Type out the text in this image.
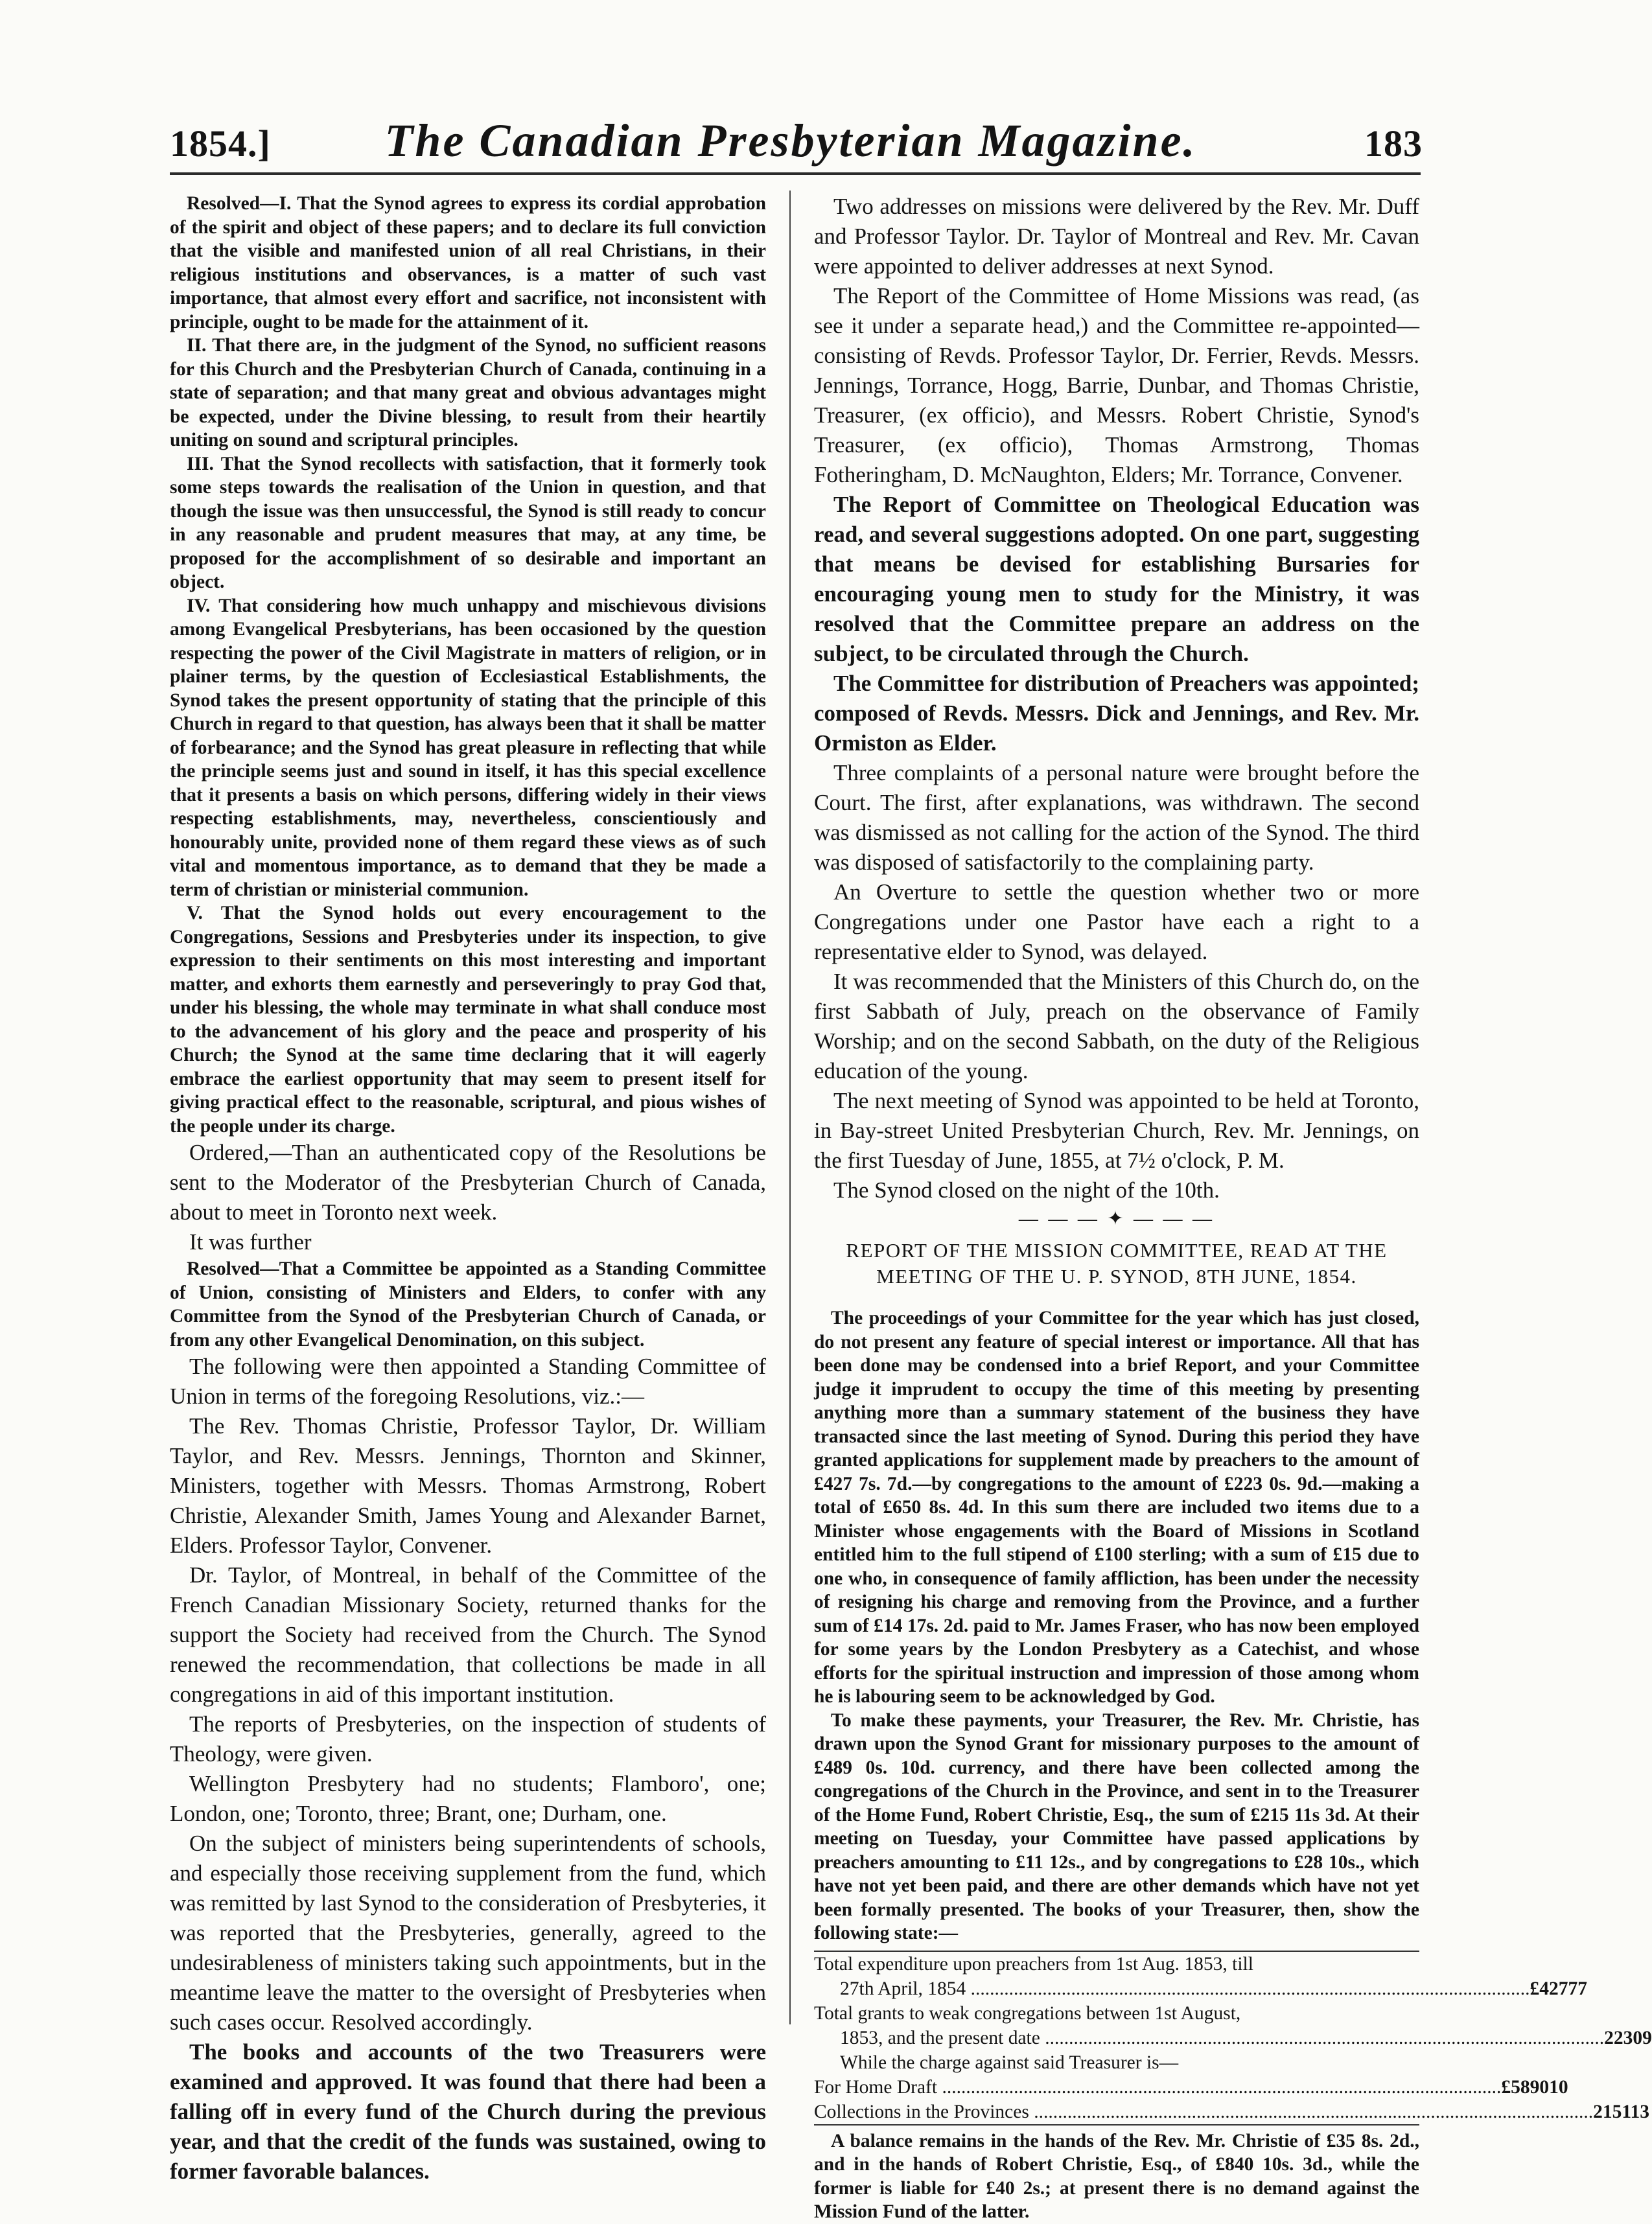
1854.]	The Canadian Presbyterian Magazine.	183

Resolved—I. That the Synod agrees to express its cordial approbation of the spirit and object of these papers; and to declare its full conviction that the visible and manifested union of all real Christians, in their religious institutions and observances, is a matter of such vast importance, that almost every effort and sacrifice, not inconsistent with principle, ought to be made for the attainment of it.

II. That there are, in the judgment of the Synod, no sufficient reasons for this Church and the Presbyterian Church of Canada, continuing in a state of separation; and that many great and obvious advantages might be expected, under the Divine blessing, to result from their heartily uniting on sound and scriptural principles.

III. That the Synod recollects with satisfaction, that it formerly took some steps towards the realisation of the Union in question, and that though the issue was then unsuccessful, the Synod is still ready to concur in any reasonable and prudent measures that may, at any time, be proposed for the accomplishment of so desirable and important an object.

IV. That considering how much unhappy and mischievous divisions among Evangelical Presbyterians, has been occasioned by the question respecting the power of the Civil Magistrate in matters of religion, or in plainer terms, by the question of Ecclesiastical Establishments, the Synod takes the present opportunity of stating that the principle of this Church in regard to that question, has always been that it shall be matter of forbearance; and the Synod has great pleasure in reflecting that while the principle seems just and sound in itself, it has this special excellence that it presents a basis on which persons, differing widely in their views respecting establishments, may, nevertheless, conscientiously and honourably unite, provided none of them regard these views as of such vital and momentous importance, as to demand that they be made a term of christian or ministerial communion.

V. That the Synod holds out every encouragement to the Congregations, Sessions and Presbyteries under its inspection, to give expression to their sentiments on this most interesting and important matter, and exhorts them earnestly and perseveringly to pray God that, under his blessing, the whole may terminate in what shall conduce most to the advancement of his glory and the peace and prosperity of his Church; the Synod at the same time declaring that it will eagerly embrace the earliest opportunity that may seem to present itself for giving practical effect to the reasonable, scriptural, and pious wishes of the people under its charge.

Ordered,—Than an authenticated copy of the Resolutions be sent to the Moderator of the Presbyterian Church of Canada, about to meet in Toronto next week.

It was further

Resolved—That a Committee be appointed as a Standing Committee of Union, consisting of Ministers and Elders, to confer with any Committee from the Synod of the Presbyterian Church of Canada, or from any other Evangelical Denomination, on this subject.

The following were then appointed a Standing Committee of Union in terms of the foregoing Resolutions, viz.:—

The Rev. Thomas Christie, Professor Taylor, Dr. William Taylor, and Rev. Messrs. Jennings, Thornton and Skinner, Ministers, together with Messrs. Thomas Armstrong, Robert Christie, Alexander Smith, James Young and Alexander Barnet, Elders. Professor Taylor, Convener.

Dr. Taylor, of Montreal, in behalf of the Committee of the French Canadian Missionary Society, returned thanks for the support the Society had received from the Church. The Synod renewed the recommendation, that collections be made in all congregations in aid of this important institution.

The reports of Presbyteries, on the inspection of students of Theology, were given.

Wellington Presbytery had no students; Flamboro', one; London, one; Toronto, three; Brant, one; Durham, one.

On the subject of ministers being superintendents of schools, and especially those receiving supplement from the fund, which was remitted by last Synod to the consideration of Presbyteries, it was reported that the Presbyteries, generally, agreed to the undesirableness of ministers taking such appointments, but in the meantime leave the matter to the oversight of Presbyteries when such cases occur. Resolved accordingly.

The books and accounts of the two Treasurers were examined and approved. It was found that there had been a falling off in every fund of the Church during the previous year, and that the credit of the funds was sustained, owing to former favorable balances.

Two addresses on missions were delivered by the Rev. Mr. Duff and Professor Taylor. Dr. Taylor of Montreal and Rev. Mr. Cavan were appointed to deliver addresses at next Synod.

The Report of the Committee of Home Missions was read, (as see it under a separate head,) and the Committee re-appointed—consisting of Revds. Professor Taylor, Dr. Ferrier, Revds. Messrs. Jennings, Torrance, Hogg, Barrie, Dunbar, and Thomas Christie, Treasurer, (ex officio), and Messrs. Robert Christie, Synod's Treasurer, (ex officio), Thomas Armstrong, Thomas Fotheringham, D. McNaughton, Elders; Mr. Torrance, Convener.

The Report of Committee on Theological Education was read, and several suggestions adopted. On one part, suggesting that means be devised for establishing Bursaries for encouraging young men to study for the Ministry, it was resolved that the Committee prepare an address on the subject, to be circulated through the Church.

The Committee for distribution of Preachers was appointed; composed of Revds. Messrs. Dick and Jennings, and Rev. Mr. Ormiston as Elder.

Three complaints of a personal nature were brought before the Court. The first, after explanations, was withdrawn. The second was dismissed as not calling for the action of the Synod. The third was disposed of satisfactorily to the complaining party.

An Overture to settle the question whether two or more Congregations under one Pastor have each a right to a representative elder to Synod, was delayed.

It was recommended that the Ministers of this Church do, on the first Sabbath of July, preach on the observance of Family Worship; and on the second Sabbath, on the duty of the Religious education of the young.

The next meeting of Synod was appointed to be held at Toronto, in Bay-street United Presbyterian Church, Rev. Mr. Jennings, on the first Tuesday of June, 1855, at 7½ o'clock, P. M.

The Synod closed on the night of the 10th.

— — — ✦ — — —
REPORT OF THE MISSION COMMITTEE, READ AT THE MEETING OF THE U. P. SYNOD, 8TH JUNE, 1854.

The proceedings of your Committee for the year which has just closed, do not present any feature of special interest or importance. All that has been done may be condensed into a brief Report, and your Committee judge it imprudent to occupy the time of this meeting by presenting anything more than a summary statement of the business they have transacted since the last meeting of Synod. During this period they have granted applications for supplement made by preachers to the amount of £427 7s. 7d.—by congregations to the amount of £223 0s. 9d.—making a total of £650 8s. 4d. In this sum there are included two items due to a Minister whose engagements with the Board of Missions in Scotland entitled him to the full stipend of £100 sterling; with a sum of £15 due to one who, in consequence of family affliction, has been under the necessity of resigning his charge and removing from the Province, and a further sum of £14 17s. 2d. paid to Mr. James Fraser, who has now been employed for some years by the London Presbytery as a Catechist, and whose efforts for the spiritual instruction and impression of those among whom he is labouring seem to be acknowledged by God.

To make these payments, your Treasurer, the Rev. Mr. Christie, has drawn upon the Synod Grant for missionary purposes to the amount of £489 0s. 10d. currency, and there have been collected among the congregations of the Church in the Province, and sent in to the Treasurer of the Home Fund, Robert Christie, Esq., the sum of £215 11s 3d. At their meeting on Tuesday, your Committee have passed applications by preachers amounting to £11 12s., and by congregations to £28 10s., which have not yet been paid, and there are other demands which have not yet been formally presented. The books of your Treasurer, then, show the following state:—

Total expenditure upon preachers from 1st Aug. 1853, till
27th April, 1854 .....	£427 7 7
Total grants to weak congregations between 1st August,
1853, and the present date .....	223 0 9
While the charge against said Treasurer is—
For Home Draft .....	£589 0 10
Collections in the Provinces .....	215 11 3

A balance remains in the hands of the Rev. Mr. Christie of £35 8s. 2d., and in the hands of Robert Christie, Esq., of £840 10s. 3d., while the former is liable for £40 2s.; at present there is no demand against the Mission Fund of the latter.
